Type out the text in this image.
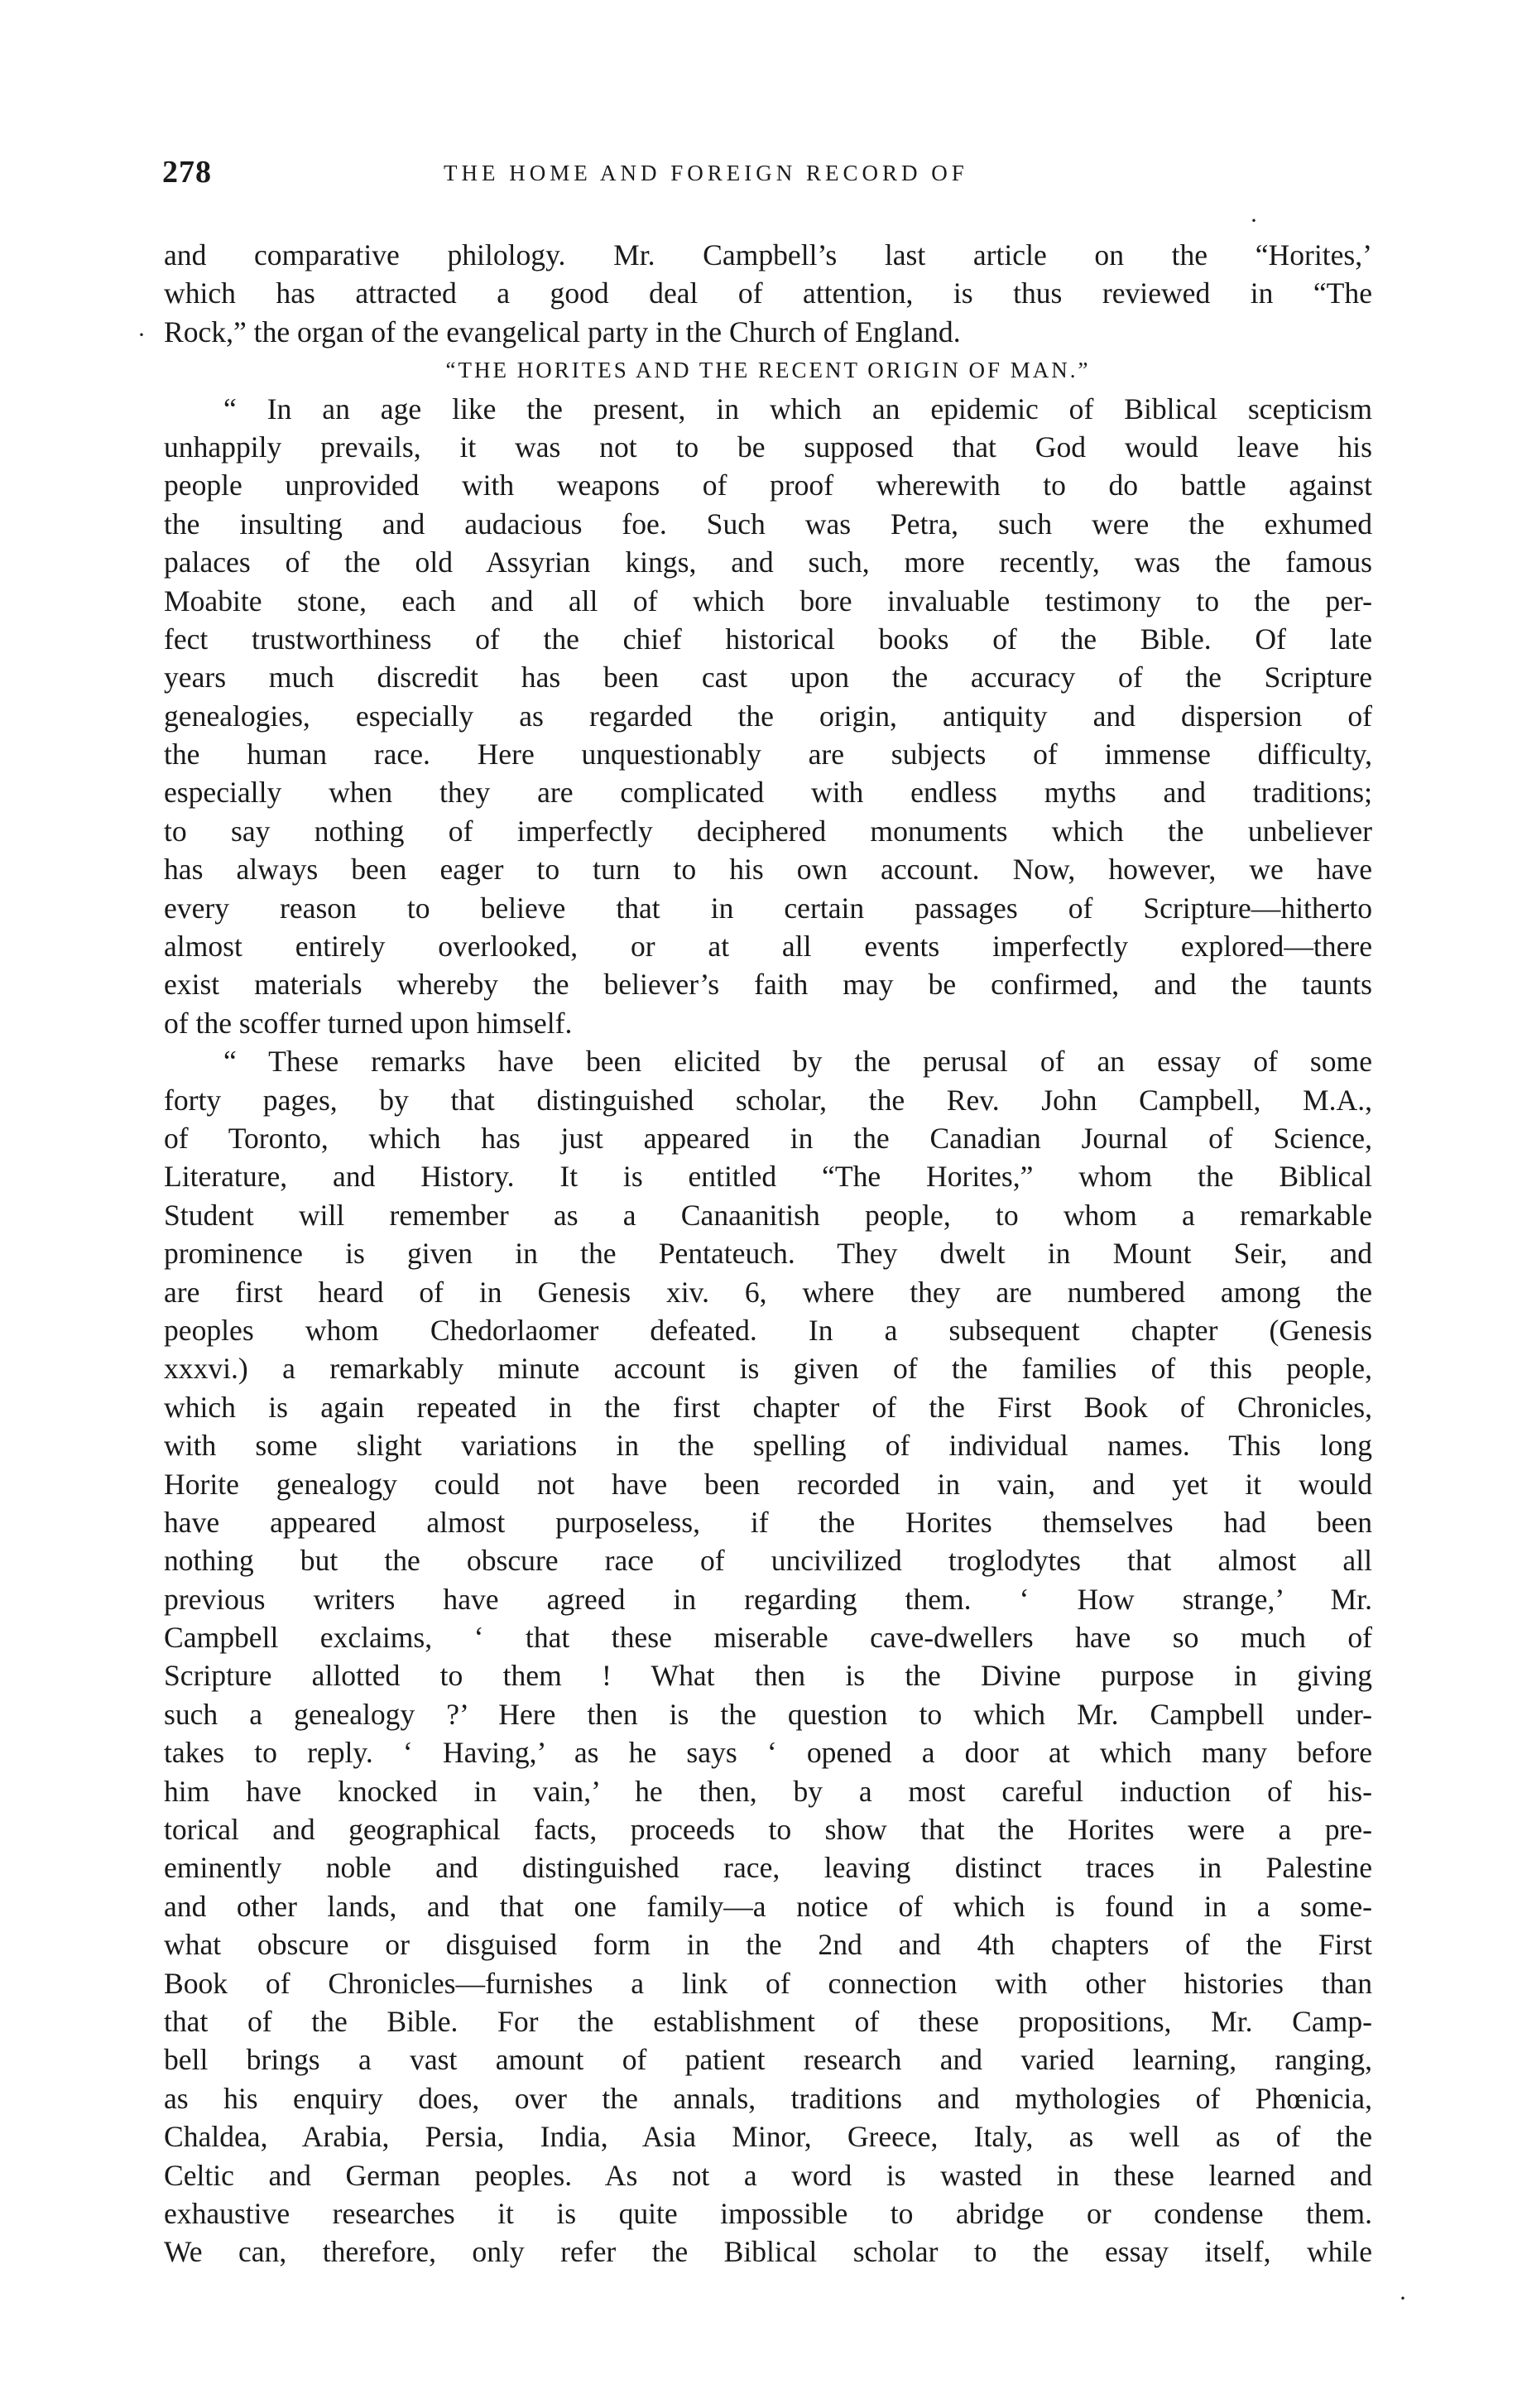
278	THE HOME AND FOREIGN RECORD OF
·
·
·
and comparative philology. Mr. Campbell’s last article on the “Horites,’
which has attracted a good deal of attention, is thus reviewed in “The
Rock,” the organ of the evangelical party in the Church of England.
“THE HORITES AND THE RECENT ORIGIN OF MAN.”
“ In an age like the present, in which an epidemic of Biblical scepticism
unhappily prevails, it was not to be supposed that God would leave his
people unprovided with weapons of proof wherewith to do battle against
the insulting and audacious foe. Such was Petra, such were the exhumed
palaces of the old Assyrian kings, and such, more recently, was the famous
Moabite stone, each and all of which bore invaluable testimony to the per-
fect trustworthiness of the chief historical books of the Bible. Of late
years much discredit has been cast upon the accuracy of the Scripture
genealogies, especially as regarded the origin, antiquity and dispersion of
the human race. Here unquestionably are subjects of immense difficulty,
especially when they are complicated with endless myths and traditions;
to say nothing of imperfectly deciphered monuments which the unbeliever
has always been eager to turn to his own account. Now, however, we have
every reason to believe that in certain passages of Scripture—hitherto
almost entirely overlooked, or at all events imperfectly explored—there
exist materials whereby the believer’s faith may be confirmed, and the taunts
of the scoffer turned upon himself.
“ These remarks have been elicited by the perusal of an essay of some
forty pages, by that distinguished scholar, the Rev. John Campbell, M.A.,
of Toronto, which has just appeared in the Canadian Journal of Science,
Literature, and History. It is entitled “The Horites,” whom the Biblical
Student will remember as a Canaanitish people, to whom a remarkable
prominence is given in the Pentateuch. They dwelt in Mount Seir, and
are first heard of in Genesis xiv. 6, where they are numbered among the
peoples whom Chedorlaomer defeated. In a subsequent chapter (Genesis
xxxvi.) a remarkably minute account is given of the families of this people,
which is again repeated in the first chapter of the First Book of Chronicles,
with some slight variations in the spelling of individual names. This long
Horite genealogy could not have been recorded in vain, and yet it would
have appeared almost purposeless, if the Horites themselves had been
nothing but the obscure race of uncivilized troglodytes that almost all
previous writers have agreed in regarding them. ‘ How strange,’ Mr.
Campbell exclaims, ‘ that these miserable cave-dwellers have so much of
Scripture allotted to them ! What then is the Divine purpose in giving
such a genealogy ?’ Here then is the question to which Mr. Campbell under-
takes to reply. ‘ Having,’ as he says ‘ opened a door at which many before
him have knocked in vain,’ he then, by a most careful induction of his-
torical and geographical facts, proceeds to show that the Horites were a pre-
eminently noble and distinguished race, leaving distinct traces in Palestine
and other lands, and that one family—a notice of which is found in a some-
what obscure or disguised form in the 2nd and 4th chapters of the First
Book of Chronicles—furnishes a link of connection with other histories than
that of the Bible. For the establishment of these propositions, Mr. Camp-
bell brings a vast amount of patient research and varied learning, ranging,
as his enquiry does, over the annals, traditions and mythologies of Phœnicia,
Chaldea, Arabia, Persia, India, Asia Minor, Greece, Italy, as well as of the
Celtic and German peoples. As not a word is wasted in these learned and
exhaustive researches it is quite impossible to abridge or condense them.
We can, therefore, only refer the Biblical scholar to the essay itself, while
